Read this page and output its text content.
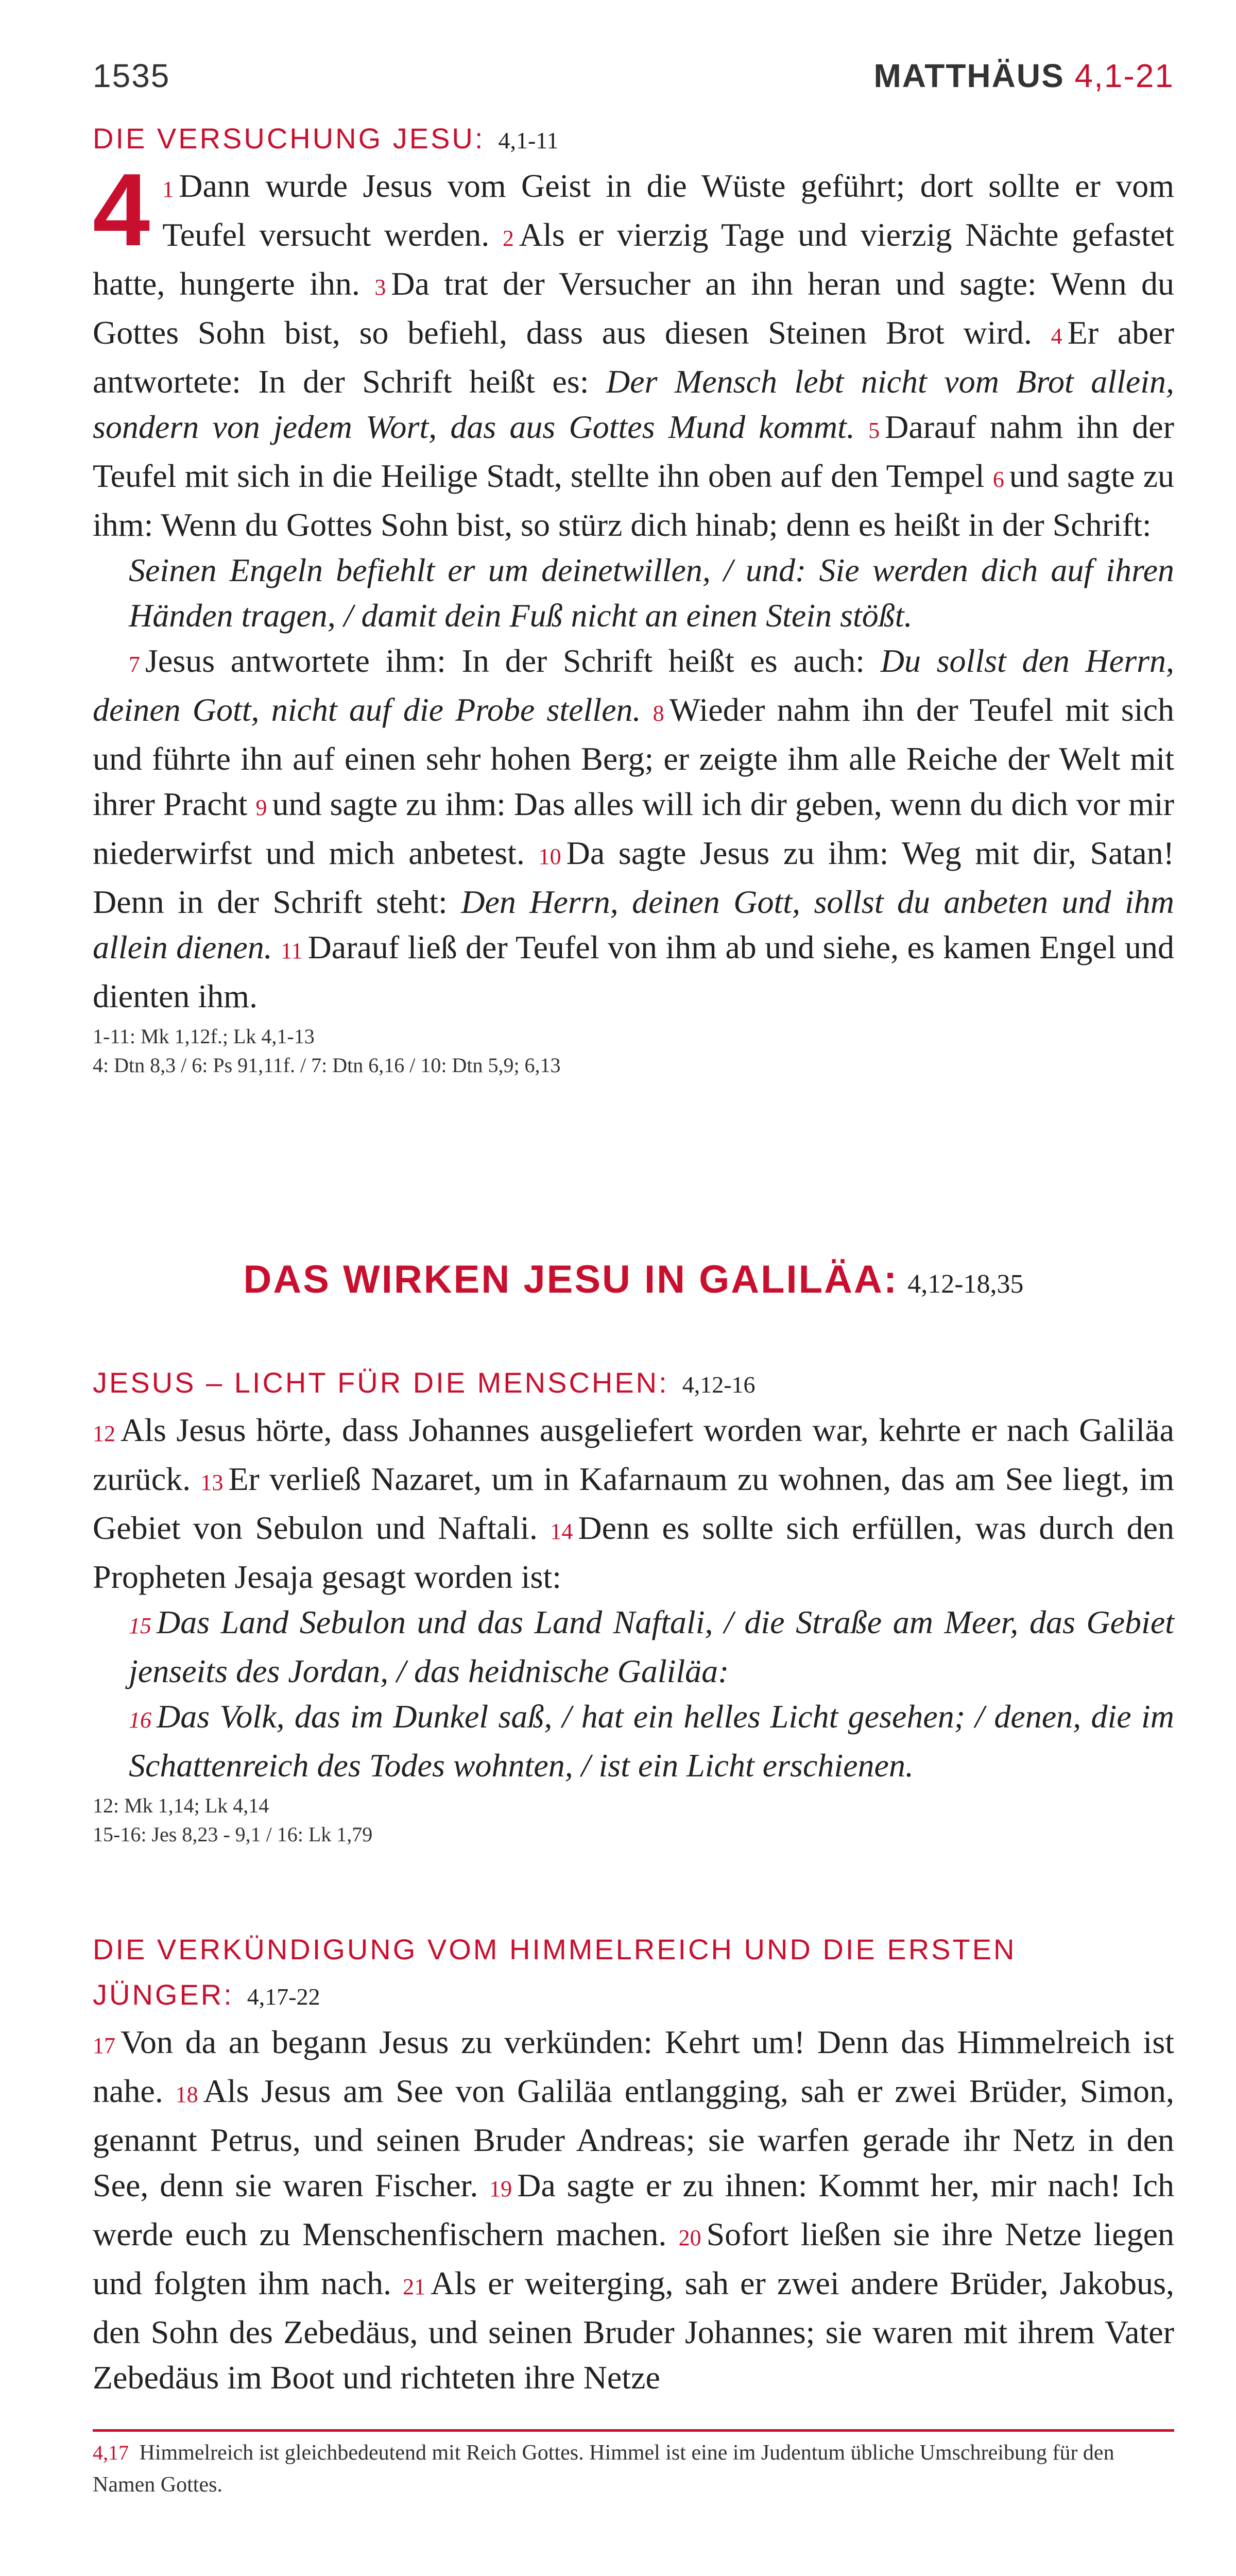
1535	MATTHÄUS 4,1-21
DIE VERSUCHUNG JESU: 4,1-11
4 1 Dann wurde Jesus vom Geist in die Wüste geführt; dort sollte er vom Teufel versucht werden. 2 Als er vierzig Tage und vierzig Nächte gefastet hatte, hungerte ihn. 3 Da trat der Versucher an ihn heran und sagte: Wenn du Gottes Sohn bist, so befiehl, dass aus diesen Steinen Brot wird. 4 Er aber antwortete: In der Schrift heißt es: Der Mensch lebt nicht vom Brot allein, sondern von jedem Wort, das aus Gottes Mund kommt. 5 Darauf nahm ihn der Teufel mit sich in die Heilige Stadt, stellte ihn oben auf den Tempel 6 und sagte zu ihm: Wenn du Gottes Sohn bist, so stürz dich hinab; denn es heißt in der Schrift:

Seinen Engeln befiehlt er um deinetwillen, / und: Sie werden dich auf ihren Händen tragen, / damit dein Fuß nicht an einen Stein stößt.

7 Jesus antwortete ihm: In der Schrift heißt es auch: Du sollst den Herrn, deinen Gott, nicht auf die Probe stellen. 8 Wieder nahm ihn der Teufel mit sich und führte ihn auf einen sehr hohen Berg; er zeigte ihm alle Reiche der Welt mit ihrer Pracht 9 und sagte zu ihm: Das alles will ich dir geben, wenn du dich vor mir niederwirfst und mich anbetest. 10 Da sagte Jesus zu ihm: Weg mit dir, Satan! Denn in der Schrift steht: Den Herrn, deinen Gott, sollst du anbeten und ihm allein dienen. 11 Darauf ließ der Teufel von ihm ab und siehe, es kamen Engel und dienten ihm.

1-11: Mk 1,12f.; Lk 4,1-13
4: Dtn 8,3 / 6: Ps 91,11f. / 7: Dtn 6,16 / 10: Dtn 5,9; 6,13
DAS WIRKEN JESU IN GALILÄA: 4,12-18,35
JESUS – LICHT FÜR DIE MENSCHEN: 4,12-16

12 Als Jesus hörte, dass Johannes ausgeliefert worden war, kehrte er nach Galiläa zurück. 13 Er verließ Nazaret, um in Kafarnaum zu wohnen, das am See liegt, im Gebiet von Sebulon und Naftali. 14 Denn es sollte sich erfüllen, was durch den Propheten Jesaja gesagt worden ist:

15 Das Land Sebulon und das Land Naftali, / die Straße am Meer, das Gebiet jenseits des Jordan, / das heidnische Galiläa:

16 Das Volk, das im Dunkel saß, / hat ein helles Licht gesehen; / denen, die im Schattenreich des Todes wohnten, / ist ein Licht erschienen.

12: Mk 1,14; Lk 4,14
15-16: Jes 8,23 - 9,1 / 16: Lk 1,79
DIE VERKÜNDIGUNG VOM HIMMELREICH UND DIE ERSTEN JÜNGER: 4,17-22

17 Von da an begann Jesus zu verkünden: Kehrt um! Denn das Himmelreich ist nahe. 18 Als Jesus am See von Galiläa entlangging, sah er zwei Brüder, Simon, genannt Petrus, und seinen Bruder Andreas; sie warfen gerade ihr Netz in den See, denn sie waren Fischer. 19 Da sagte er zu ihnen: Kommt her, mir nach! Ich werde euch zu Menschenfischern machen. 20 Sofort ließen sie ihre Netze liegen und folgten ihm nach. 21 Als er weiterging, sah er zwei andere Brüder, Jakobus, den Sohn des Zebedäus, und seinen Bruder Johannes; sie waren mit ihrem Vater Zebedäus im Boot und richteten ihre Netze

4,17 Himmelreich ist gleichbedeutend mit Reich Gottes. Himmel ist eine im Judentum übliche Umschreibung für den Namen Gottes.
